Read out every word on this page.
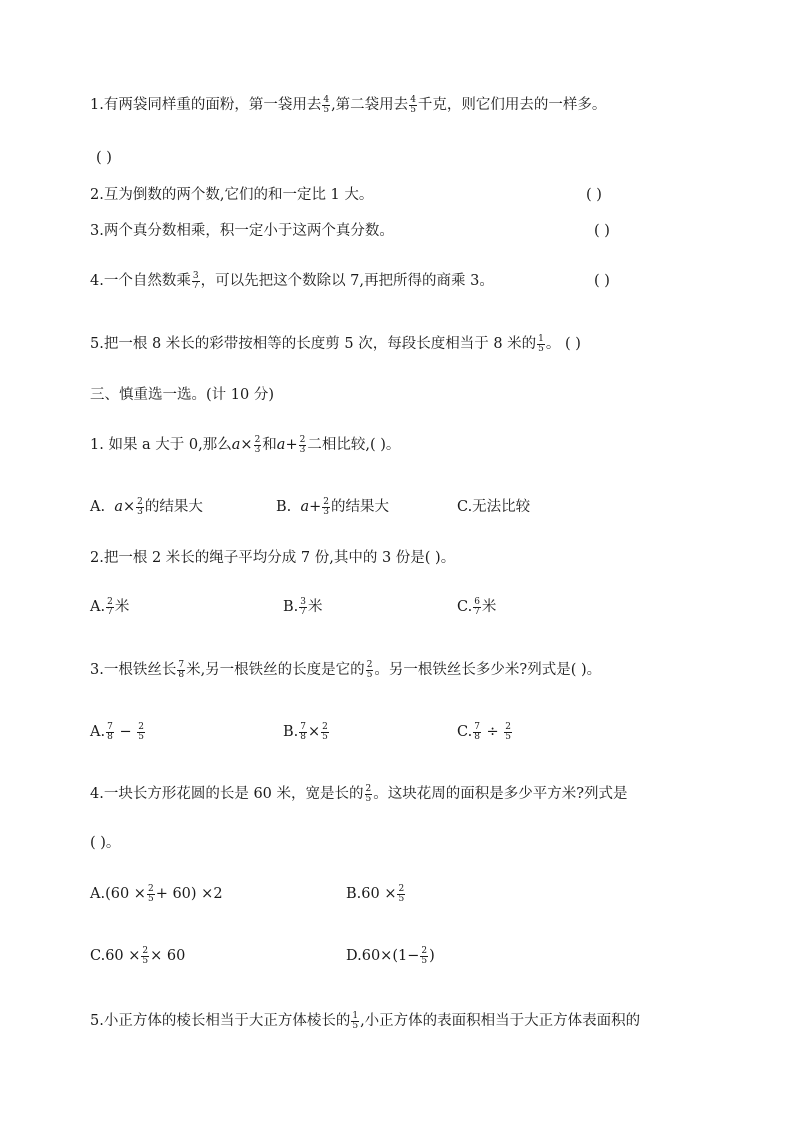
1.有两袋同样重的面粉，第一袋用去 $\frac{4}{5}$ ,第二袋用去 $\frac{4}{5}$ 千克，则它们用去的一样多。
( )
2.互为倒数的两个数,它们的和一定比 1 大。	( )
3.两个真分数相乘，积一定小于这两个真分数。	( )
4.一个自然数乘 $\frac{3}{7}$ ，可以先把这个数除以 7,再把所得的商乘 3。	( )
5.把一根 8 米长的彩带按相等的长度剪 5 次，每段长度相当于 8 米的 $\frac{1}{5}$ 。 ( )
三、慎重选一选。(计 10 分)
1. 如果 a 大于 0,那么$a\times \frac{2}{3}$ 和$a+ \frac{2}{3}$ 二相比较,( )。
A. $a\times \frac{2}{3}$ 的结果大	B. $a+ \frac{2}{3}$ 的结果大	C.无法比较
2.把一根 2 米长的绳子平均分成 7 份,其中的 3 份是( )。
A. $\frac{2}{7}$ 米	B. $\frac{3}{7}$ 米	C. $\frac{6}{7}$ 米
3.一根铁丝长 $\frac{7}{8}$ 米,另一根铁丝的长度是它的 $\frac{2}{5}$ 。另一根铁丝长多少米?列式是( )。
A. $\frac{7}{8} - \frac{2}{5}$	B. $\frac{7}{8} \times \frac{2}{5}$	C. $\frac{7}{8} \div \frac{2}{5}$
4.一块长方形花圆的长是 60 米，宽是长的 $\frac{2}{5}$ 。这块花周的面积是多少平方米?列式是
( )。
$A.(60 \times \frac{2}{5} + 60) \times 2$	$B.60 \times \frac{2}{5}$
$C.60 \times \frac{2}{5} \times 60$	$D.60\times(1- \frac{2}{5}$ )
5.小正方体的棱长相当于大正方体棱长的 $\frac{1}{5}$ ,小正方体的表面积相当于大正方体表面积的
